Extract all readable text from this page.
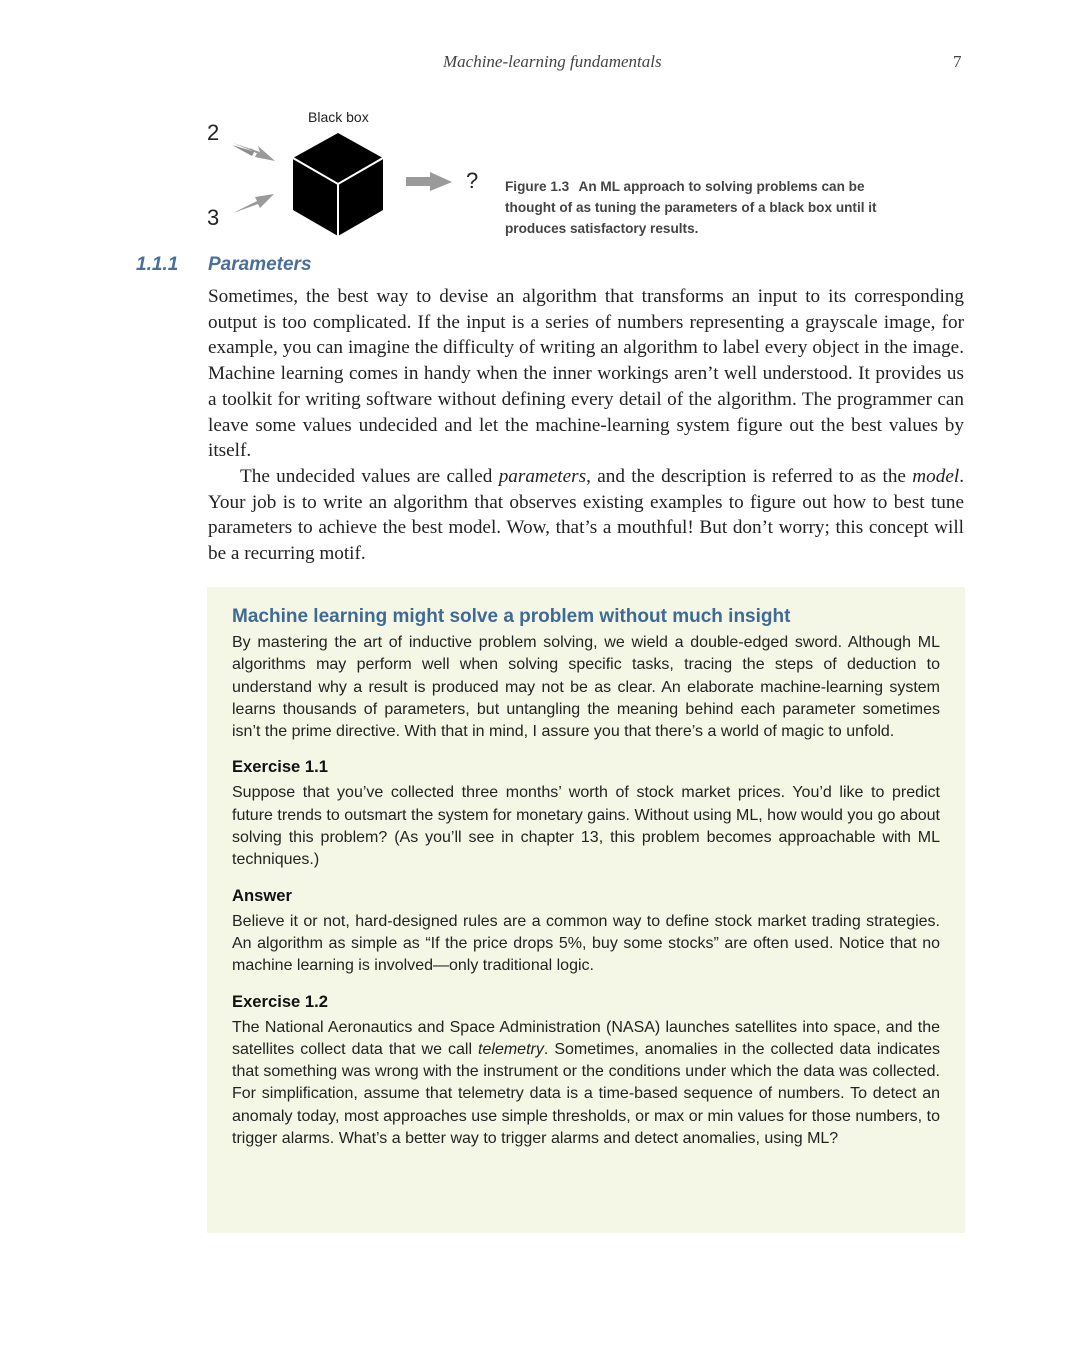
Machine-learning fundamentals	7
Black box
2
3
? Figure 1.3 An ML approach to solving problems can be thought of as tuning the parameters of a black box until it produces satisfactory results.
1.1.1 Parameters

Sometimes, the best way to devise an algorithm that transforms an input to its corresponding output is too complicated. If the input is a series of numbers representing a grayscale image, for example, you can imagine the difficulty of writing an algorithm to label every object in the image. Machine learning comes in handy when the inner workings aren’t well understood. It provides us a toolkit for writing software without defining every detail of the algorithm. The programmer can leave some values undecided and let the machine-learning system figure out the best values by itself.

The undecided values are called parameters, and the description is referred to as the model. Your job is to write an algorithm that observes existing examples to figure out how to best tune parameters to achieve the best model. Wow, that’s a mouthful! But don’t worry; this concept will be a recurring motif.

Machine learning might solve a problem without much insight

By mastering the art of inductive problem solving, we wield a double-edged sword. Although ML algorithms may perform well when solving specific tasks, tracing the steps of deduction to understand why a result is produced may not be as clear. An elaborate machine-learning system learns thousands of parameters, but untangling the meaning behind each parameter sometimes isn’t the prime directive. With that in mind, I assure you that there’s a world of magic to unfold.

Exercise 1.1

Suppose that you’ve collected three months’ worth of stock market prices. You’d like to predict future trends to outsmart the system for monetary gains. Without using ML, how would you go about solving this problem? (As you’ll see in chapter 13, this problem becomes approachable with ML techniques.)

Answer

Believe it or not, hard-designed rules are a common way to define stock market trading strategies. An algorithm as simple as “If the price drops 5%, buy some stocks” are often used. Notice that no machine learning is involved—only traditional logic.

Exercise 1.2

The National Aeronautics and Space Administration (NASA) launches satellites into space, and the satellites collect data that we call telemetry. Sometimes, anomalies in the collected data indicates that something was wrong with the instrument or the conditions under which the data was collected. For simplification, assume that telemetry data is a time-based sequence of numbers. To detect an anomaly today, most approaches use simple thresholds, or max or min values for those numbers, to trigger alarms. What’s a better way to trigger alarms and detect anomalies, using ML?
